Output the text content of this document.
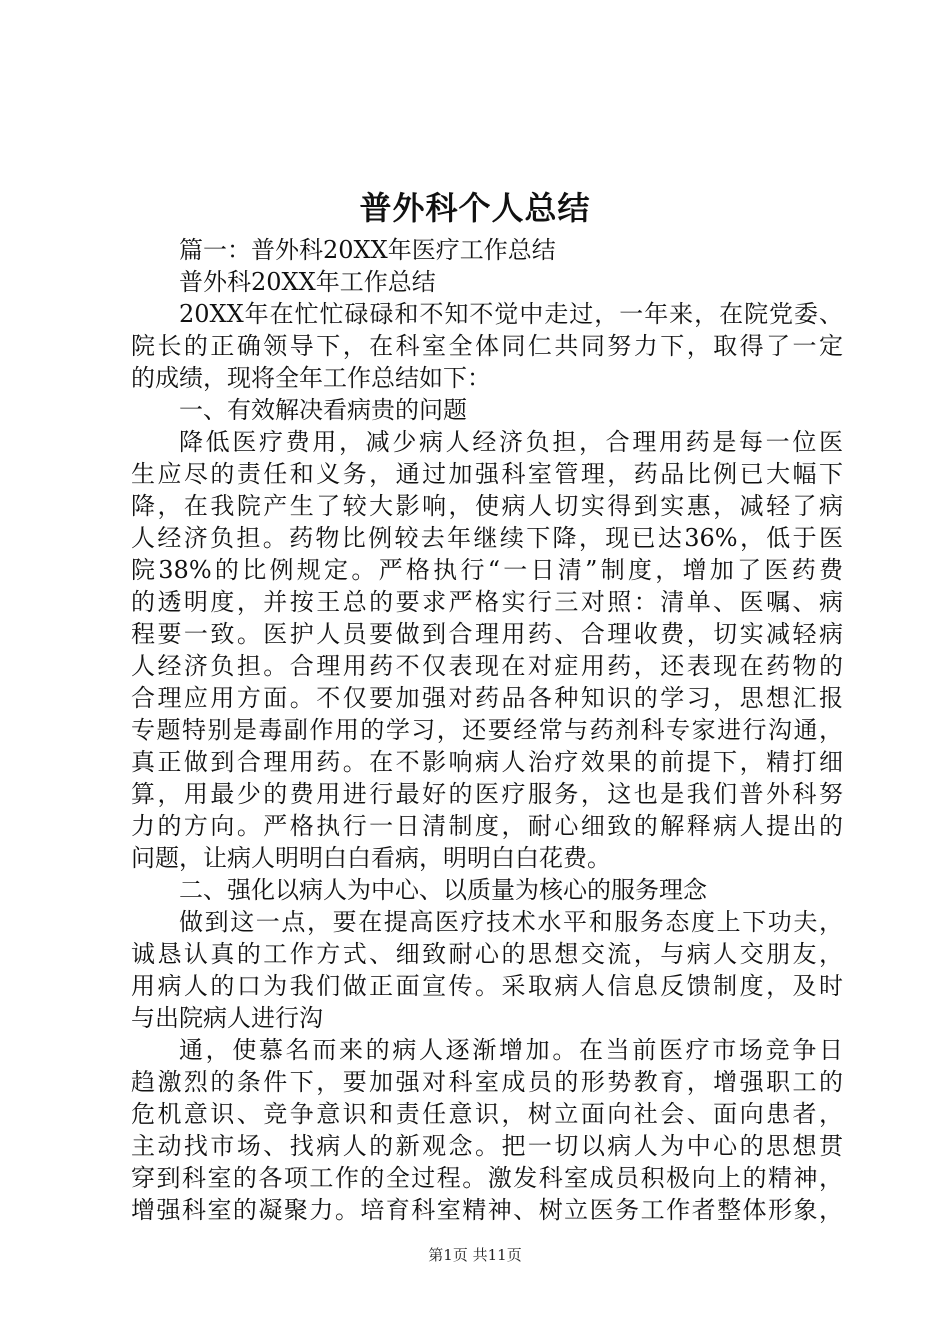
普外科个人总结
篇一：普外科20XX年医疗工作总结
普外科20XX年工作总结
20XX年在忙忙碌碌和不知不觉中走过，一年来，在院党委、
院长的正确领导下，在科室全体同仁共同努力下，取得了一定
的成绩，现将全年工作总结如下：
一、有效解决看病贵的问题
降低医疗费用，减少病人经济负担，合理用药是每一位医
生应尽的责任和义务，通过加强科室管理，药品比例已大幅下
降，在我院产生了较大影响，使病人切实得到实惠，减轻了病
人经济负担。药物比例较去年继续下降，现已达36%，低于医
院38%的比例规定。严格执行“一日清”制度，增加了医药费
的透明度，并按王总的要求严格实行三对照：清单、医嘱、病
程要一致。医护人员要做到合理用药、合理收费，切实减轻病
人经济负担。合理用药不仅表现在对症用药，还表现在药物的
合理应用方面。不仅要加强对药品各种知识的学习，思想汇报
专题特别是毒副作用的学习，还要经常与药剂科专家进行沟通，
真正做到合理用药。在不影响病人治疗效果的前提下，精打细
算，用最少的费用进行最好的医疗服务，这也是我们普外科努
力的方向。严格执行一日清制度，耐心细致的解释病人提出的
问题，让病人明明白白看病，明明白白花费。
二、强化以病人为中心、以质量为核心的服务理念
做到这一点，要在提高医疗技术水平和服务态度上下功夫，
诚恳认真的工作方式、细致耐心的思想交流，与病人交朋友，
用病人的口为我们做正面宣传。采取病人信息反馈制度，及时
与出院病人进行沟
通，使慕名而来的病人逐渐增加。在当前医疗市场竞争日
趋激烈的条件下，要加强对科室成员的形势教育，增强职工的
危机意识、竞争意识和责任意识，树立面向社会、面向患者，
主动找市场、找病人的新观念。把一切以病人为中心的思想贯
穿到科室的各项工作的全过程。激发科室成员积极向上的精神，
增强科室的凝聚力。培育科室精神、树立医务工作者整体形象，
第1页 共11页
